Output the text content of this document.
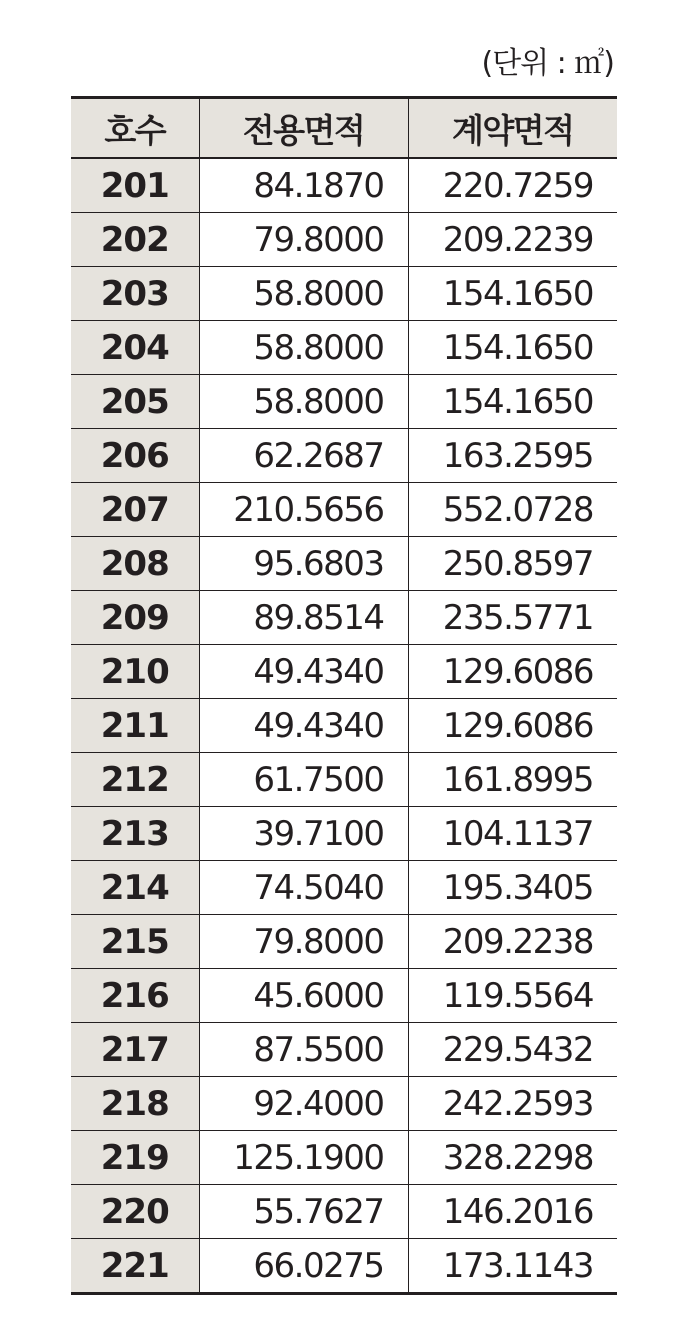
(단위 : ㎡)
호수	전용면적	계약면적
201	84.1870	220.7259
202	79.8000	209.2239
203	58.8000	154.1650
204	58.8000	154.1650
205	58.8000	154.1650
206	62.2687	163.2595
207	210.5656	552.0728
208	95.6803	250.8597
209	89.8514	235.5771
210	49.4340	129.6086
211	49.4340	129.6086
212	61.7500	161.8995
213	39.7100	104.1137
214	74.5040	195.3405
215	79.8000	209.2238
216	45.6000	119.5564
217	87.5500	229.5432
218	92.4000	242.2593
219	125.1900	328.2298
220	55.7627	146.2016
221	66.0275	173.1143
